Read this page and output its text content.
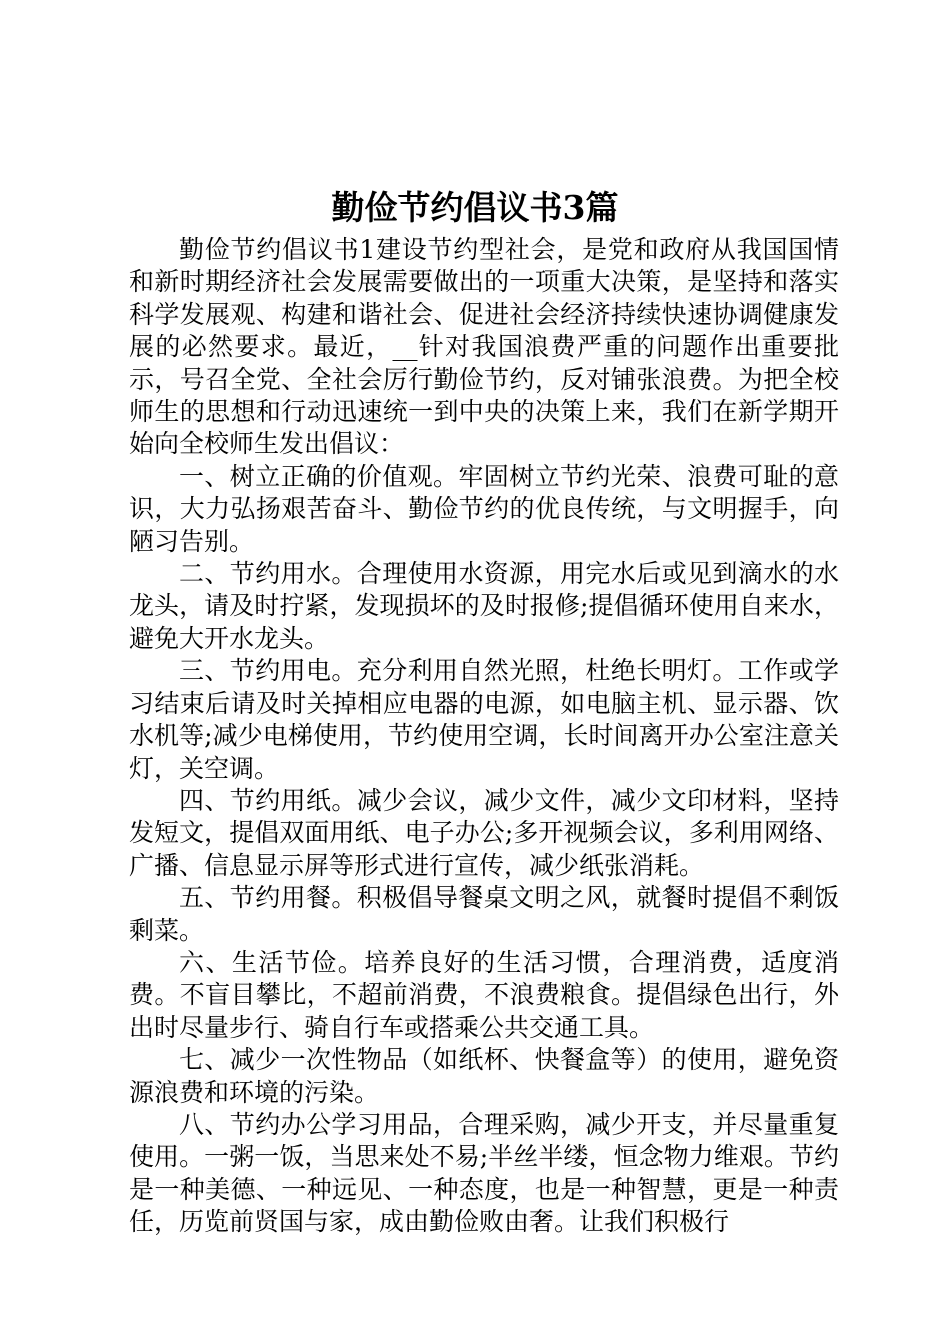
勤俭节约倡议书3篇

勤俭节约倡议书1建设节约型社会，是党和政府从我国国情和新时期经济社会发展需要做出的一项重大决策，是坚持和落实科学发展观、构建和谐社会、促进社会经济持续快速协调健康发展的必然要求。最近，__针对我国浪费严重的问题作出重要批示，号召全党、全社会厉行勤俭节约，反对铺张浪费。为把全校师生的思想和行动迅速统一到中央的决策上来，我们在新学期开始向全校师生发出倡议：

一、树立正确的价值观。牢固树立节约光荣、浪费可耻的意识，大力弘扬艰苦奋斗、勤俭节约的优良传统，与文明握手，向陋习告别。

二、节约用水。合理使用水资源，用完水后或见到滴水的水龙头，请及时拧紧，发现损坏的及时报修;提倡循环使用自来水，避免大开水龙头。

三、节约用电。充分利用自然光照，杜绝长明灯。工作或学习结束后请及时关掉相应电器的电源，如电脑主机、显示器、饮水机等;减少电梯使用，节约使用空调，长时间离开办公室注意关灯，关空调。

四、节约用纸。减少会议，减少文件，减少文印材料，坚持发短文，提倡双面用纸、电子办公;多开视频会议，多利用网络、广播、信息显示屏等形式进行宣传，减少纸张消耗。

五、节约用餐。积极倡导餐桌文明之风，就餐时提倡不剩饭剩菜。

六、生活节俭。培养良好的生活习惯，合理消费，适度消费。不盲目攀比，不超前消费，不浪费粮食。提倡绿色出行，外出时尽量步行、骑自行车或搭乘公共交通工具。

七、减少一次性物品（如纸杯、快餐盒等）的使用，避免资源浪费和环境的污染。

八、节约办公学习用品，合理采购，减少开支，并尽量重复使用。一粥一饭，当思来处不易;半丝半缕，恒念物力维艰。节约是一种美德、一种远见、一种态度，也是一种智慧，更是一种责任，历览前贤国与家，成由勤俭败由奢。让我们积极行
